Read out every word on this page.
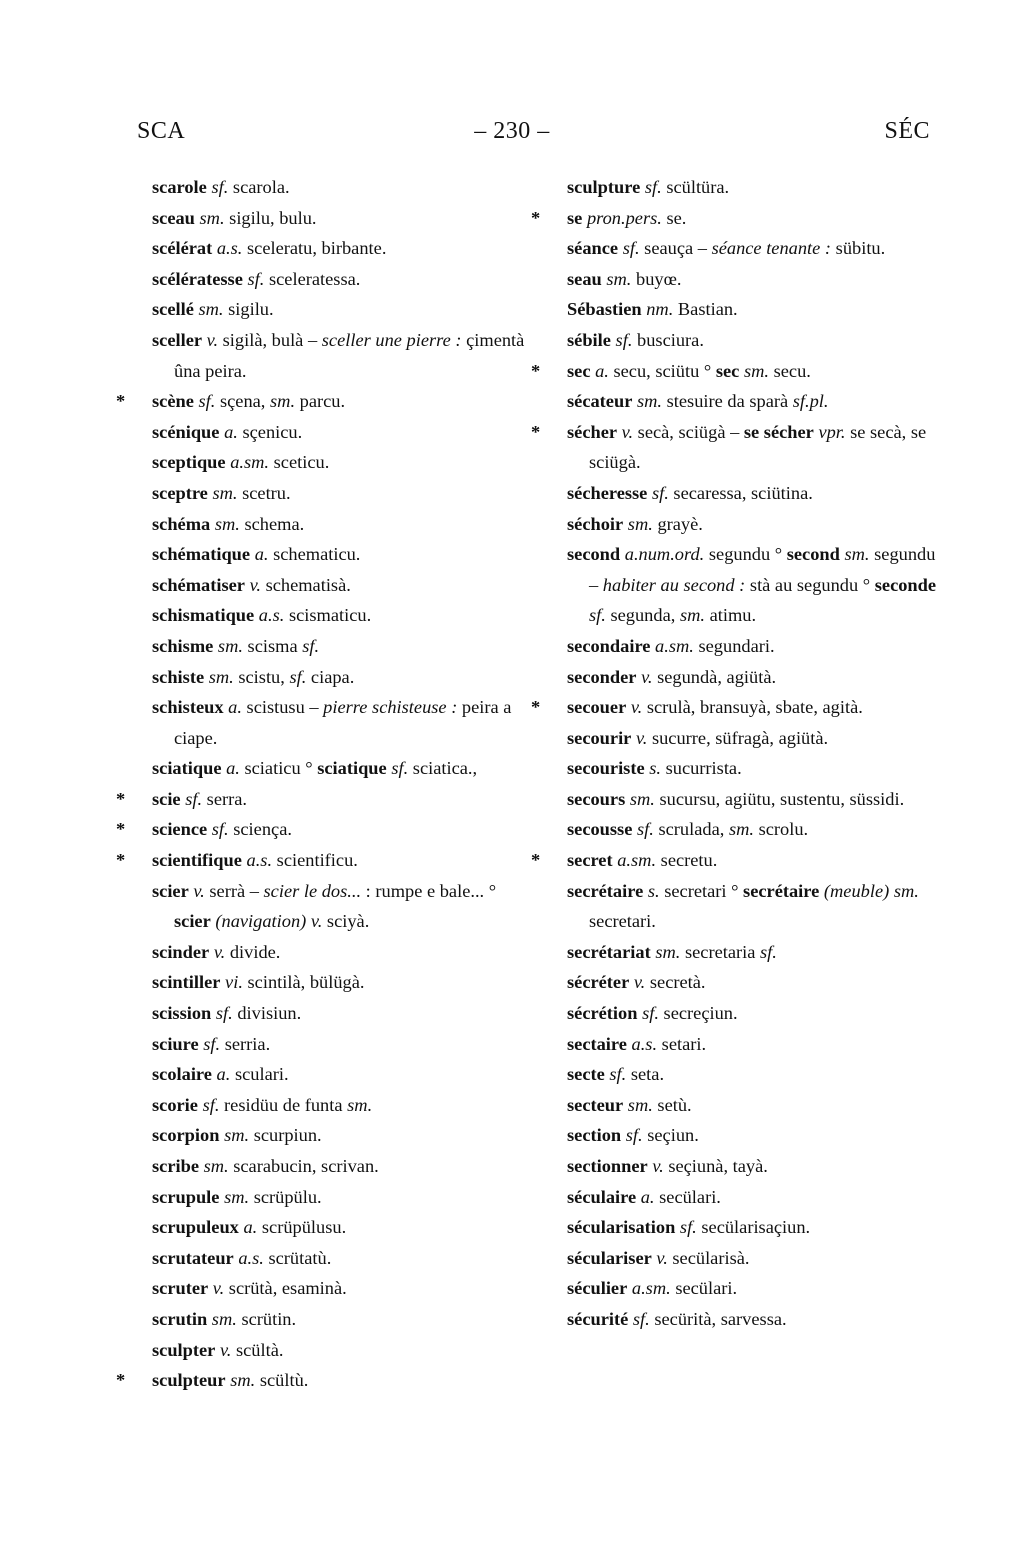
SCA	– 230 –	SÉC
scarole sf. scarola.
sceau sm. sigilu, bulu.
scélérat a.s. sceleratu, birbante.
scélératesse sf. sceleratessa.
scellé sm. sigilu.
sceller v. sigilà, bulà – sceller une pierre : çimentà ûna peira.
* scène sf. sçena, sm. parcu.
scénique a. sçenicu.
sceptique a.sm. sceticu.
sceptre sm. scetru.
schéma sm. schema.
schématique a. schematicu.
schématiser v. schematisà.
schismatique a.s. scismaticu.
schisme sm. scisma sf.
schiste sm. scistu, sf. ciapa.
schisteux a. scistusu – pierre schisteuse : peira a ciape.
sciatique a. sciaticu ° sciatique sf. sciatica.,
* scie sf. serra.
* science sf. sciença.
* scientifique a.s. scientificu.
scier v. serrà – scier le dos... : rumpe e bale... ° scier (navigation) v. sciyà.
scinder v. divide.
scintiller vi. scintilà, bülügà.
scission sf. divisiun.
sciure sf. serria.
scolaire a. sculari.
scorie sf. residüu de funta sm.
scorpion sm. scurpiun.
scribe sm. scarabucin, scrivan.
scrupule sm. scrüpülu.
scrupuleux a. scrüpülusu.
scrutateur a.s. scrütatù.
scruter v. scrütà, esaminà.
scrutin sm. scrütin.
sculpter v. scültà.
* sculpteur sm. scültù.
sculpture sf. scültüra.
* se pron.pers. se.
séance sf. seauça – séance tenante : sübitu.
seau sm. buyœ.
Sébastien nm. Bastian.
sébile sf. busciura.
* sec a. secu, sciütu ° sec sm. secu.
sécateur sm. stesuire da sparà sf.pl.
* sécher v. secà, sciügà – se sécher vpr. se secà, se sciügà.
sécheresse sf. secaressa, sciütina.
séchoir sm. grayè.
second a.num.ord. segundu ° second sm. segundu – habiter au second : stà au segundu ° seconde sf. segunda, sm. atimu.
secondaire a.sm. segundari.
seconder v. segundà, agiütà.
* secouer v. scrulà, bransuyà, sbate, agità.
secourir v. sucurre, süfragà, agiütà.
secouriste s. sucurrista.
secours sm. sucursu, agiütu, sustentu, süssidi.
secousse sf. scrulada, sm. scrolu.
* secret a.sm. secretu.
secrétaire s. secretari ° secrétaire (meuble) sm. secretari.
secrétariat sm. secretaria sf.
sécréter v. secretà.
sécrétion sf. secreçiun.
sectaire a.s. setari.
secte sf. seta.
secteur sm. setù.
section sf. seçiun.
sectionner v. seçiunà, tayà.
séculaire a. secülari.
sécularisation sf. secülarisaçiun.
séculariser v. secülarisà.
séculier a.sm. secülari.
sécurité sf. secürità, sarvessa.
